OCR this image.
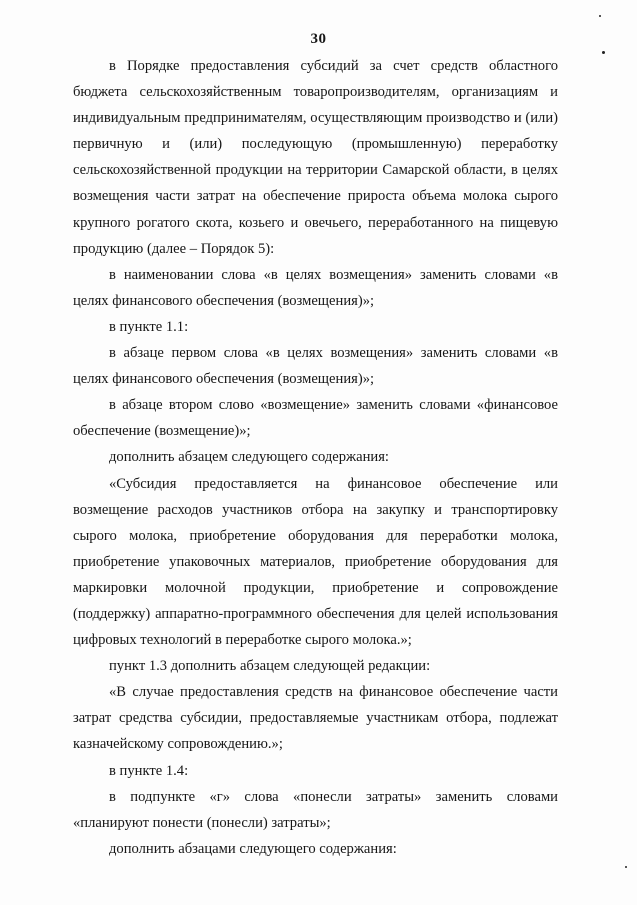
30

в Порядке предоставления субсидий за счет средств областного бюджета сельскохозяйственным товаропроизводителям, организациям и индивидуальным предпринимателям, осуществляющим производство и (или) первичную и (или) последующую (промышленную) переработку сельскохозяйственной продукции на территории Самарской области, в целях возмещения части затрат на обеспечение прироста объема молока сырого крупного рогатого скота, козьего и овечьего, переработанного на пищевую продукцию (далее – Порядок 5):

в наименовании слова «в целях возмещения» заменить словами «в целях финансового обеспечения (возмещения)»;

в пункте 1.1:

в абзаце первом слова «в целях возмещения» заменить словами «в целях финансового обеспечения (возмещения)»;

в абзаце втором слово «возмещение» заменить словами «финансовое обеспечение (возмещение)»;

дополнить абзацем следующего содержания:

«Субсидия предоставляется на финансовое обеспечение или возмещение расходов участников отбора на закупку и транспортировку сырого молока, приобретение оборудования для переработки молока, приобретение упаковочных материалов, приобретение оборудования для маркировки молочной продукции, приобретение и сопровождение (поддержку) аппаратно-программного обеспечения для целей использования цифровых технологий в переработке сырого молока.»;

пункт 1.3 дополнить абзацем следующей редакции:

«В случае предоставления средств на финансовое обеспечение части затрат средства субсидии, предоставляемые участникам отбора, подлежат казначейскому сопровождению.»;

в пункте 1.4:

в подпункте «г» слова «понесли затраты» заменить словами «планируют понести (понесли) затраты»;

дополнить абзацами следующего содержания:
